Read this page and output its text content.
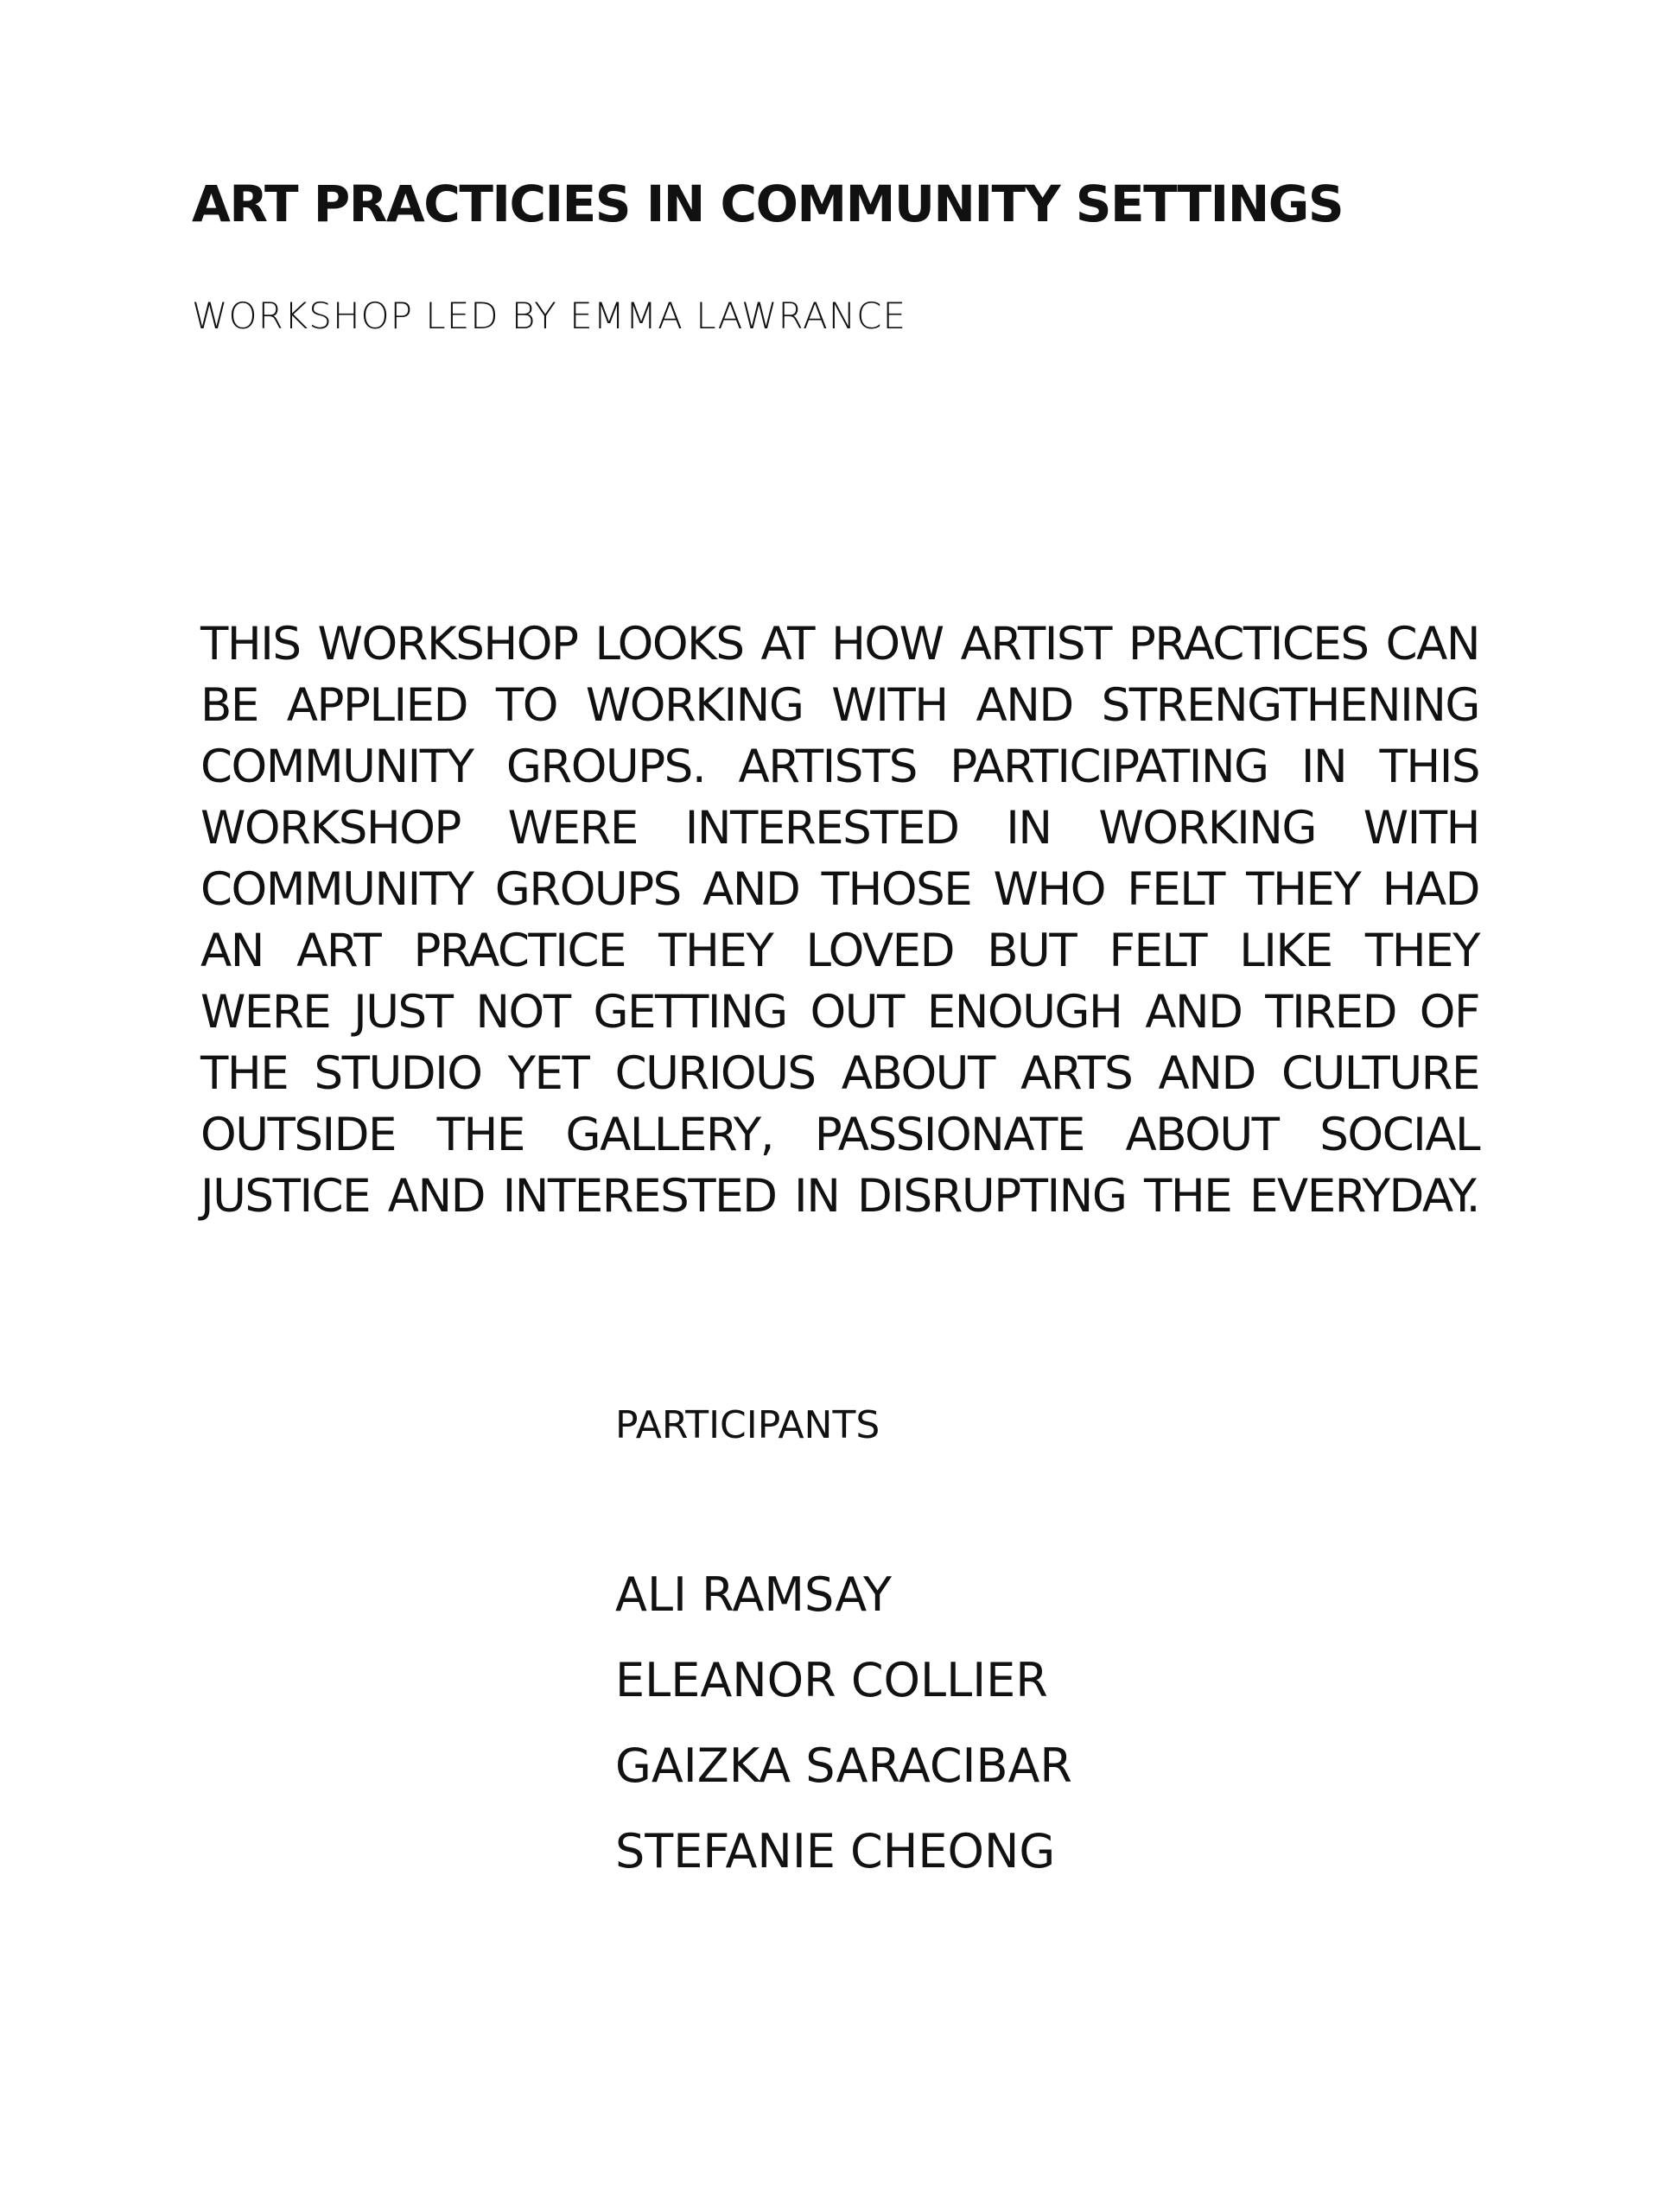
ART PRACTICIES IN COMMUNITY SETTINGS
WORKSHOP LED BY EMMA LAWRANCE
THIS WORKSHOP LOOKS AT HOW ARTIST PRACTICES CAN
BE APPLIED TO WORKING WITH AND STRENGTHENING
COMMUNITY GROUPS. ARTISTS PARTICIPATING IN THIS
WORKSHOP WERE INTERESTED IN WORKING WITH
COMMUNITY GROUPS AND THOSE WHO FELT THEY HAD
AN ART PRACTICE THEY LOVED BUT FELT LIKE THEY
WERE JUST NOT GETTING OUT ENOUGH AND TIRED OF
THE STUDIO YET CURIOUS ABOUT ARTS AND CULTURE
OUTSIDE THE GALLERY, PASSIONATE ABOUT SOCIAL
JUSTICE AND INTERESTED IN DISRUPTING THE EVERYDAY.
PARTICIPANTS
ALI RAMSAY
ELEANOR COLLIER
GAIZKA SARACIBAR
STEFANIE CHEONG
